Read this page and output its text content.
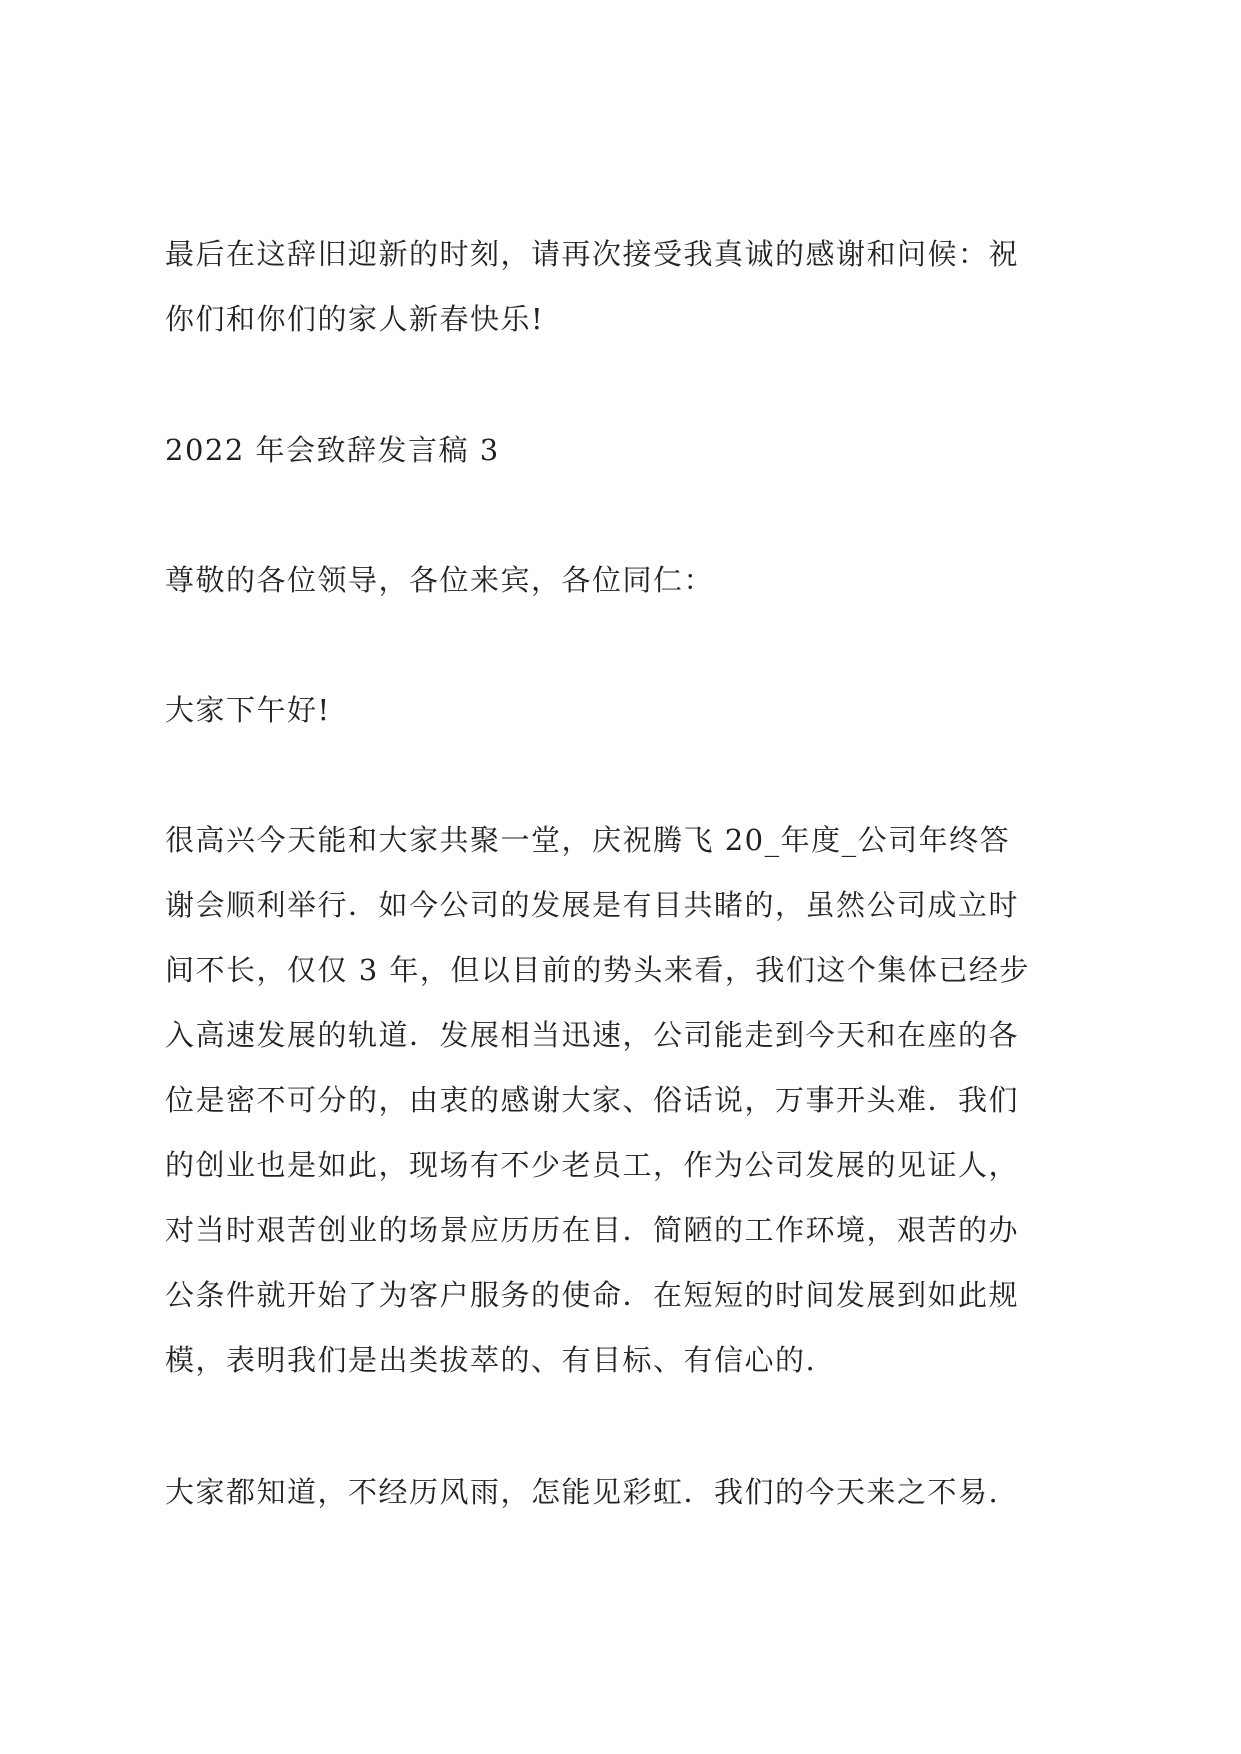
最后在这辞旧迎新的时刻，请再次接受我真诚的感谢和问候：祝
你们和你们的家人新春快乐!

2022 年会致辞发言稿 3

尊敬的各位领导，各位来宾，各位同仁：

大家下午好!

很高兴今天能和大家共聚一堂，庆祝腾飞 20_年度_公司年终答
谢会顺利举行．如今公司的发展是有目共睹的，虽然公司成立时
间不长，仅仅 3 年，但以目前的势头来看，我们这个集体已经步
入高速发展的轨道．发展相当迅速，公司能走到今天和在座的各
位是密不可分的，由衷的感谢大家、俗话说，万事开头难．我们
的创业也是如此，现场有不少老员工，作为公司发展的见证人，
对当时艰苦创业的场景应历历在目．简陋的工作环境，艰苦的办
公条件就开始了为客户服务的使命．在短短的时间发展到如此规
模，表明我们是出类拔萃的、有目标、有信心的.

大家都知道，不经历风雨，怎能见彩虹．我们的今天来之不易.
